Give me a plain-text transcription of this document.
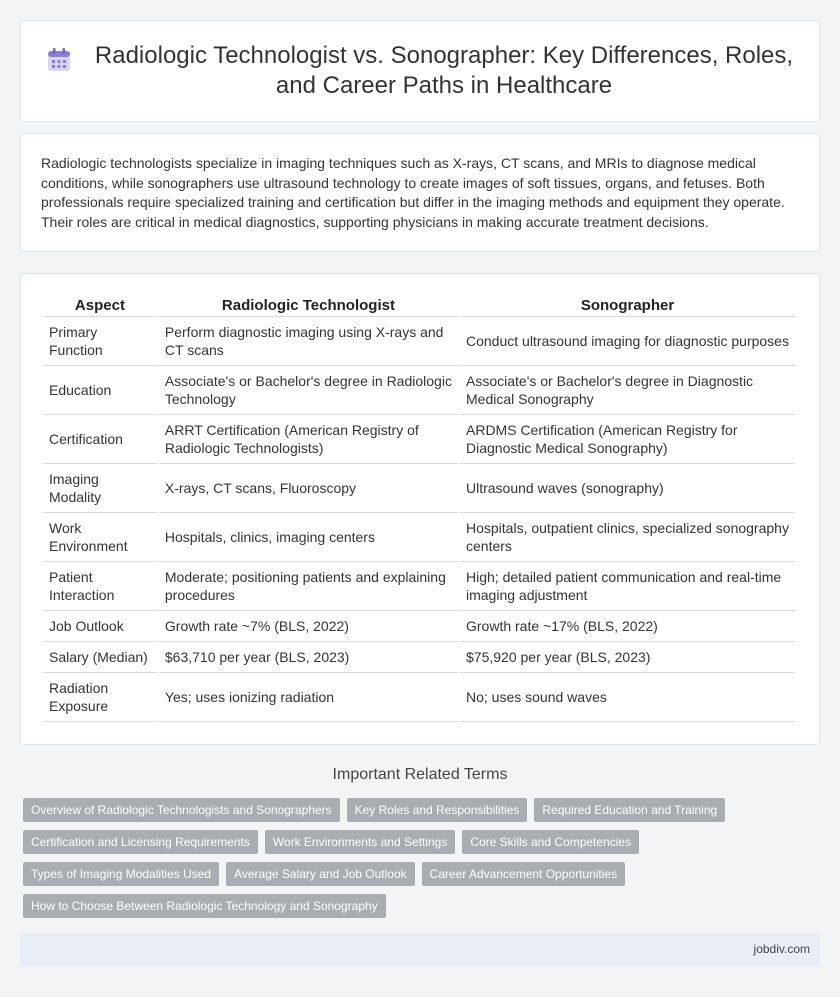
Radiologic Technologist vs. Sonographer: Key Differences, Roles, and Career Paths in Healthcare

Radiologic technologists specialize in imaging techniques such as X-rays, CT scans, and MRIs to diagnose medical conditions, while sonographers use ultrasound technology to create images of soft tissues, organs, and fetuses. Both professionals require specialized training and certification but differ in the imaging methods and equipment they operate. Their roles are critical in medical diagnostics, supporting physicians in making accurate treatment decisions.

Aspect	Radiologic Technologist	Sonographer
Primary Function	Perform diagnostic imaging using X-rays and CT scans	Conduct ultrasound imaging for diagnostic purposes
Education	Associate's or Bachelor's degree in Radiologic Technology	Associate's or Bachelor's degree in Diagnostic Medical Sonography
Certification	ARRT Certification (American Registry of Radiologic Technologists)	ARDMS Certification (American Registry for Diagnostic Medical Sonography)
Imaging Modality	X-rays, CT scans, Fluoroscopy	Ultrasound waves (sonography)
Work Environment	Hospitals, clinics, imaging centers	Hospitals, outpatient clinics, specialized sonography centers
Patient Interaction	Moderate; positioning patients and explaining procedures	High; detailed patient communication and real-time imaging adjustment
Job Outlook	Growth rate ~7% (BLS, 2022)	Growth rate ~17% (BLS, 2022)
Salary (Median)	$63,710 per year (BLS, 2023)	$75,920 per year (BLS, 2023)
Radiation Exposure	Yes; uses ionizing radiation	No; uses sound waves
Important Related Terms
Overview of Radiologic Technologists and Sonographers	Key Roles and Responsibilities	Required Education and Training
Certification and Licensing Requirements	Work Environments and Settings	Core Skills and Competencies
Types of Imaging Modalities Used	Average Salary and Job Outlook	Career Advancement Opportunities
How to Choose Between Radiologic Technology and Sonography
jobdiv.com
